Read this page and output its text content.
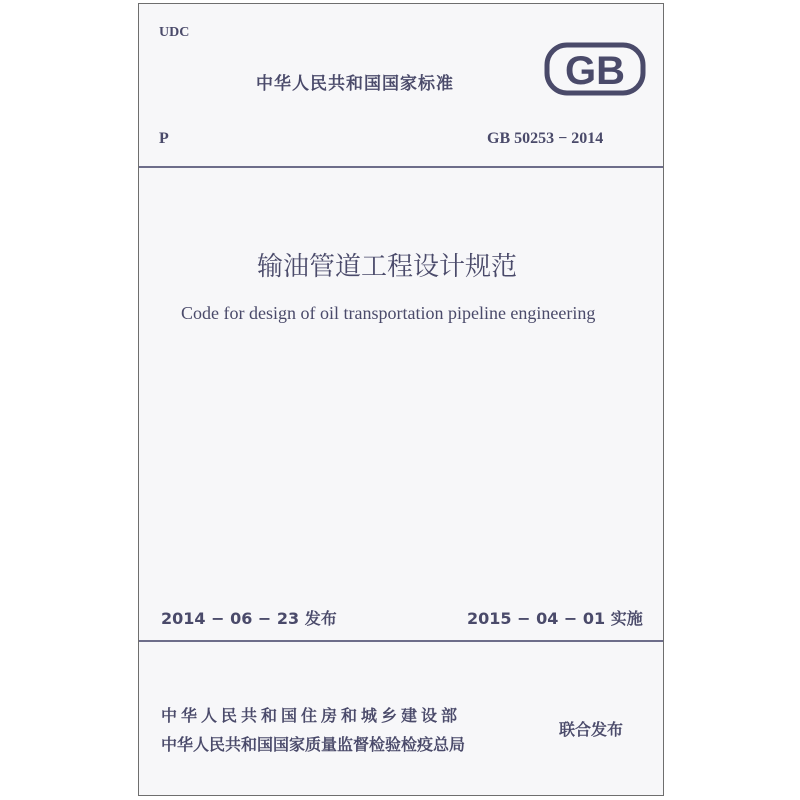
UDC
中华人民共和国国家标准	GB
P	GB 50253 − 2014
输油管道工程设计规范
Code for design of oil transportation pipeline engineering
2014 − 06 − 23 发布	2015 − 04 − 01 实施
中华人民共和国住房和城乡建设部
中华人民共和国国家质量监督检验检疫总局
联合发布
